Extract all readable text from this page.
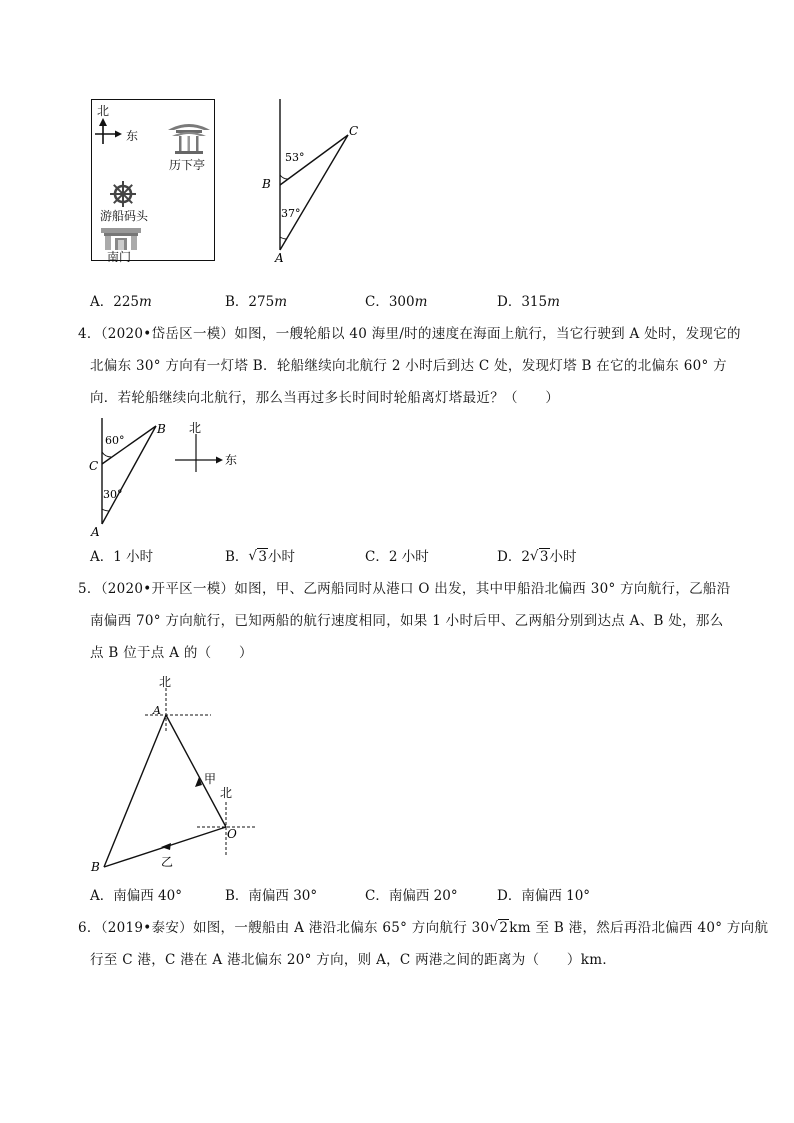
北
东
历下亭
游船码头
南门
C
B
A
53°
37°
A．225m	B．275m	C．300m	D．315m
4．（2020•岱岳区一模）如图，一艘轮船以 40 海里/时的速度在海面上航行，当它行驶到 A 处时，发现它的
北偏东 30° 方向有一灯塔 B．轮船继续向北航行 2 小时后到达 C 处，发现灯塔 B 在它的北偏东 60° 方
向．若轮船继续向北航行，那么当再过多长时间时轮船离灯塔最近？（　　）
60°
30°
B
C
A
北
东
A．1 小时	B． √ 3小时	C．2 小时	D．2 √ 3小时
5．（2020•开平区一模）如图，甲、乙两船同时从港口 O 出发，其中甲船沿北偏西 30° 方向航行，乙船沿
南偏西 70° 方向航行，已知两船的航行速度相同，如果 1 小时后甲、乙两船分别到达点 A、B 处，那么
点 B 位于点 A 的（　　）
北
A
甲
北
O
乙
B
A．南偏西 40°	B．南偏西 30°	C．南偏西 20°	D．南偏西 10°
6．（2019•泰安）如图，一艘船由 A 港沿北偏东 65° 方向航行 30 √ 2km 至 B 港，然后再沿北偏西 40° 方向航
行至 C 港，C 港在 A 港北偏东 20° 方向，则 A，C 两港之间的距离为（　　）km．
